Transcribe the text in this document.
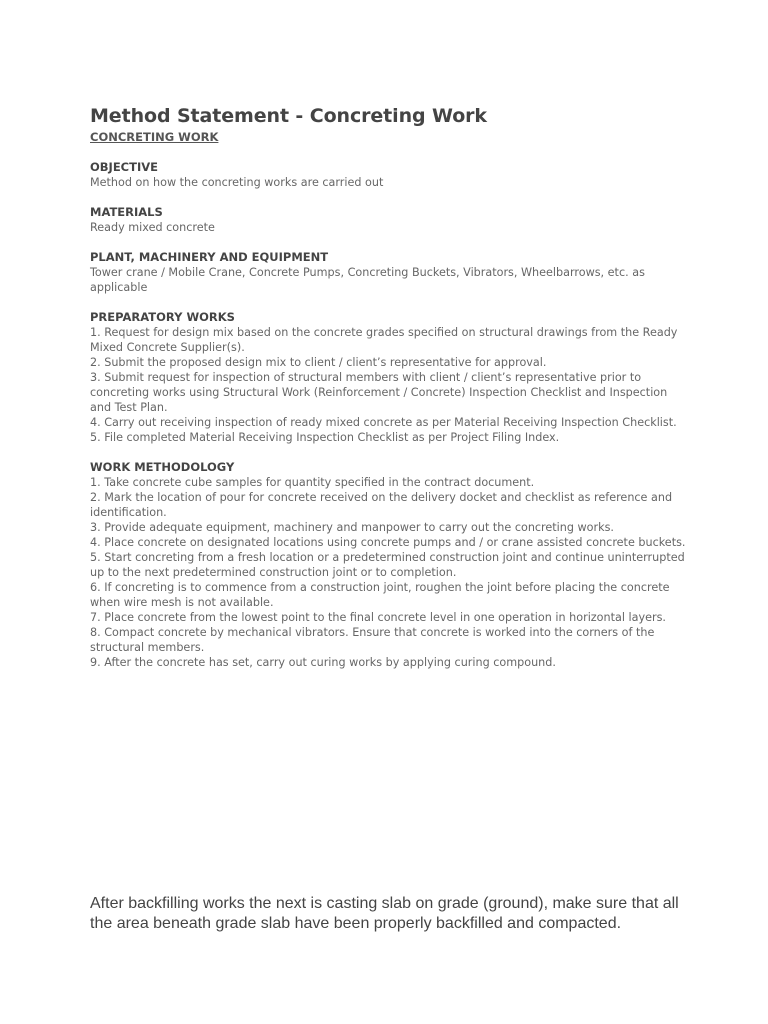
Method Statement - Concreting Work

CONCRETING WORK

OBJECTIVE

Method on how the concreting works are carried out

MATERIALS

Ready mixed concrete

PLANT, MACHINERY AND EQUIPMENT

Tower crane / Mobile Crane, Concrete Pumps, Concreting Buckets, Vibrators, Wheelbarrows, etc. as applicable

PREPARATORY WORKS

1. Request for design mix based on the concrete grades specified on structural drawings from the Ready Mixed Concrete Supplier(s).
2. Submit the proposed design mix to client / client’s representative for approval.
3. Submit request for inspection of structural members with client / client’s representative prior to concreting works using Structural Work (Reinforcement / Concrete) Inspection Checklist and Inspection and Test Plan.
4. Carry out receiving inspection of ready mixed concrete as per Material Receiving Inspection Checklist.
5. File completed Material Receiving Inspection Checklist as per Project Filing Index.

WORK METHODOLOGY

1. Take concrete cube samples for quantity specified in the contract document.
2. Mark the location of pour for concrete received on the delivery docket and checklist as reference and identification.
3. Provide adequate equipment, machinery and manpower to carry out the concreting works.
4. Place concrete on designated locations using concrete pumps and / or crane assisted concrete buckets.
5. Start concreting from a fresh location or a predetermined construction joint and continue uninterrupted up to the next predetermined construction joint or to completion.
6. If concreting is to commence from a construction joint, roughen the joint before placing the concrete when wire mesh is not available.
7. Place concrete from the lowest point to the final concrete level in one operation in horizontal layers.
8. Compact concrete by mechanical vibrators. Ensure that concrete is worked into the corners of the structural members.
9. After the concrete has set, carry out curing works by applying curing compound.

After backfilling works the next is casting slab on grade (ground), make sure that all the area beneath grade slab have been properly backfilled and compacted.
